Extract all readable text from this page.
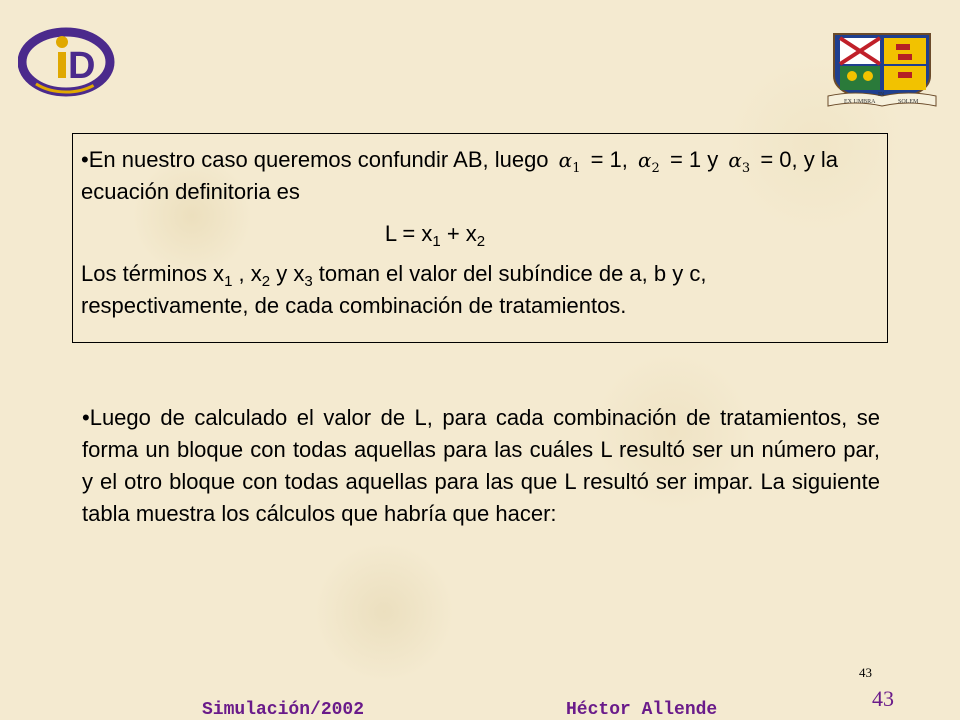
D
EX UMBRA
IN
SOLEM

•En nuestro caso queremos confundir AB, luego $\alpha_1 = 1$, $\alpha_2 = 1$ y $\alpha_3 = 0$, y la ecuación definitoria es

$L = x_1 + x_2$

Los términos $x_1$ , $x_2$ y $x_3$ toman el valor del subíndice de a, b y c, respectivamente, de cada combinación de tratamientos.

•Luego de calculado el valor de L, para cada combinación de tratamientos, se forma un bloque con todas aquellas para las cuáles L resultó ser un número par, y el otro bloque con todas aquellas para las que L resultó ser impar. La siguiente tabla muestra los cálculos que habría que hacer:

43
43
Simulación/2002	Héctor Allende
